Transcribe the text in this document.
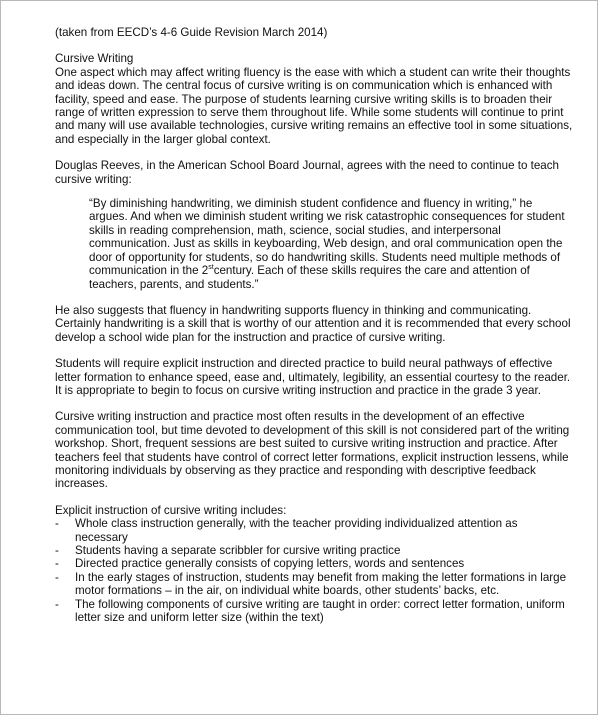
(taken from EECD’s 4-6 Guide Revision March 2014)

Cursive Writing

One aspect which may affect writing fluency is the ease with which a student can write their thoughts and ideas down. The central focus of cursive writing is on communication which is enhanced with facility, speed and ease. The purpose of students learning cursive writing skills is to broaden their range of written expression to serve them throughout life. While some students will continue to print and many will use available technologies, cursive writing remains an effective tool in some situations, and especially in the larger global context.

Douglas Reeves, in the American School Board Journal, agrees with the need to continue to teach cursive writing:

“By diminishing handwriting, we diminish student confidence and fluency in writing,” he argues. And when we diminish student writing we risk catastrophic consequences for student skills in reading comprehension, math, science, social studies, and interpersonal communication. Just as skills in keyboarding, Web design, and oral communication open the door of opportunity for students, so do handwriting skills. Students need multiple methods of communication in the 2stcentury. Each of these skills requires the care and attention of teachers, parents, and students.”

He also suggests that fluency in handwriting supports fluency in thinking and communicating. Certainly handwriting is a skill that is worthy of our attention and it is recommended that every school develop a school wide plan for the instruction and practice of cursive writing.

Students will require explicit instruction and directed practice to build neural pathways of effective letter formation to enhance speed, ease and, ultimately, legibility, an essential courtesy to the reader. It is appropriate to begin to focus on cursive writing instruction and practice in the grade 3 year.

Cursive writing instruction and practice most often results in the development of an effective communication tool, but time devoted to development of this skill is not considered part of the writing workshop. Short, frequent sessions are best suited to cursive writing instruction and practice. After teachers feel that students have control of correct letter formations, explicit instruction lessens, while monitoring individuals by observing as they practice and responding with descriptive feedback increases.

Explicit instruction of cursive writing includes:

- Whole class instruction generally, with the teacher providing individualized attention as necessary
- Students having a separate scribbler for cursive writing practice
- Directed practice generally consists of copying letters, words and sentences
- In the early stages of instruction, students may benefit from making the letter formations in large motor formations – in the air, on individual white boards, other students’ backs, etc.
- The following components of cursive writing are taught in order: correct letter formation, uniform letter size and uniform letter size (within the text)
